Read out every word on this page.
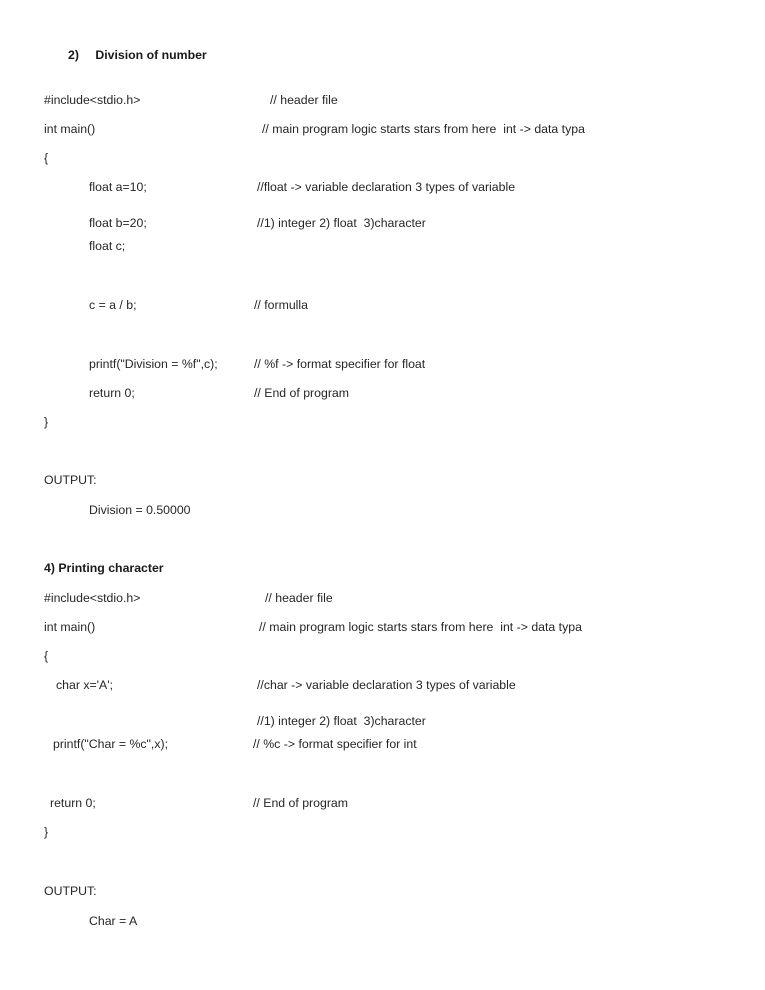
2)	Division of number
#include<stdio.h>	// header file
int main()	// main program logic starts stars from here  int -> data typa
{
float a=10;	//float -> variable declaration 3 types of variable
float b=20;	//1) integer 2) float  3)character
float c;
c = a / b;	// formulla
printf("Division = %f",c);	// %f -> format specifier for float
return 0;	// End of program
}
OUTPUT:
Division = 0.50000
4) Printing character
#include<stdio.h>	// header file
int main()	// main program logic starts stars from here  int -> data typa
{
char x='A';	//char -> variable declaration 3 types of variable
//1) integer 2) float  3)character
printf("Char = %c",x);	// %c -> format specifier for int
return 0;	// End of program
}
OUTPUT:
Char = A
